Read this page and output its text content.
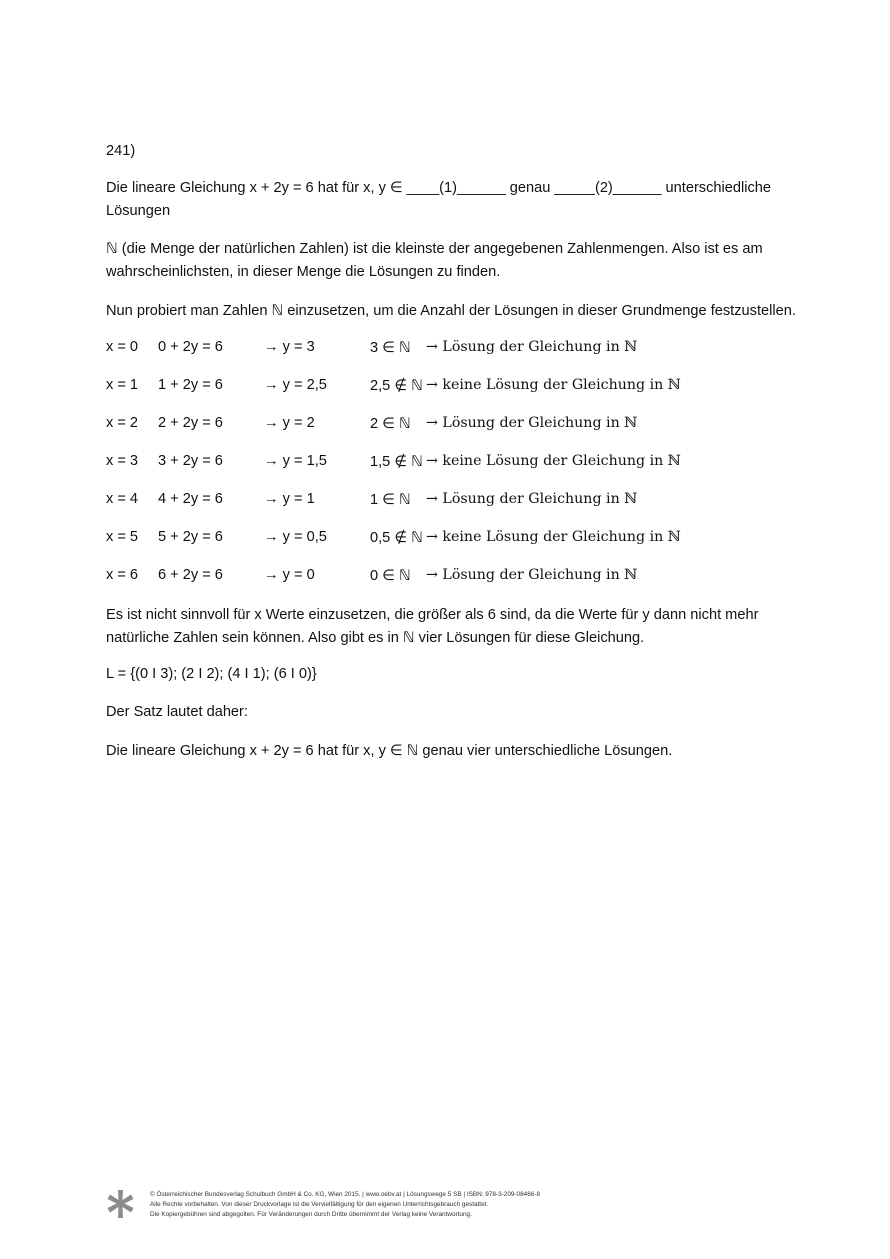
241)
Die lineare Gleichung x + 2y = 6 hat für x, y ∈ ____(1)______ genau _____(2)______ unterschiedliche Lösungen
ℕ (die Menge der natürlichen Zahlen) ist die kleinste der angegebenen Zahlenmengen. Also ist es am wahrscheinlichsten, in dieser Menge die Lösungen zu finden.
Nun probiert man Zahlen ℕ einzusetzen, um die Anzahl der Lösungen in dieser Grundmenge festzustellen.
x = 0 0 + 2y = 6	→ y = 3	3 ∈ ℕ → Lösung der Gleichung in ℕ
x = 1 1 + 2y = 6	→ y = 2,5	2,5 ∉ ℕ → keine Lösung der Gleichung in ℕ
x = 2 2 + 2y = 6	→ y = 2	2 ∈ ℕ → Lösung der Gleichung in ℕ
x = 3 3 + 2y = 6	→ y = 1,5	1,5 ∉ ℕ → keine Lösung der Gleichung in ℕ
x = 4 4 + 2y = 6	→ y = 1	1 ∈ ℕ → Lösung der Gleichung in ℕ
x = 5 5 + 2y = 6	→ y = 0,5	0,5 ∉ ℕ → keine Lösung der Gleichung in ℕ
x = 6 6 + 2y = 6	→ y = 0	0 ∈ ℕ → Lösung der Gleichung in ℕ
Es ist nicht sinnvoll für x Werte einzusetzen, die größer als 6 sind, da die Werte für y dann nicht mehr natürliche Zahlen sein können. Also gibt es in ℕ vier Lösungen für diese Gleichung.
L = {(0 I 3); (2 I 2); (4 I 1); (6 I 0)}
Der Satz lautet daher:
Die lineare Gleichung x + 2y = 6 hat für x, y ∈ ℕ genau vier unterschiedliche Lösungen.
© Österreichischer Bundesverlag Schulbuch GmbH & Co. KG, Wien 2015. | www.oebv.at | Lösungswege 5 SB | ISBN: 978-3-209-08466-8
Alle Rechte vorbehalten. Von dieser Druckvorlage ist die Vervielfältigung für den eigenen Unterrichtsgebrauch gestattet.
Die Kopiergebühren sind abgegolten. Für Veränderungen durch Dritte übernimmt der Verlag keine Verantwortung.
